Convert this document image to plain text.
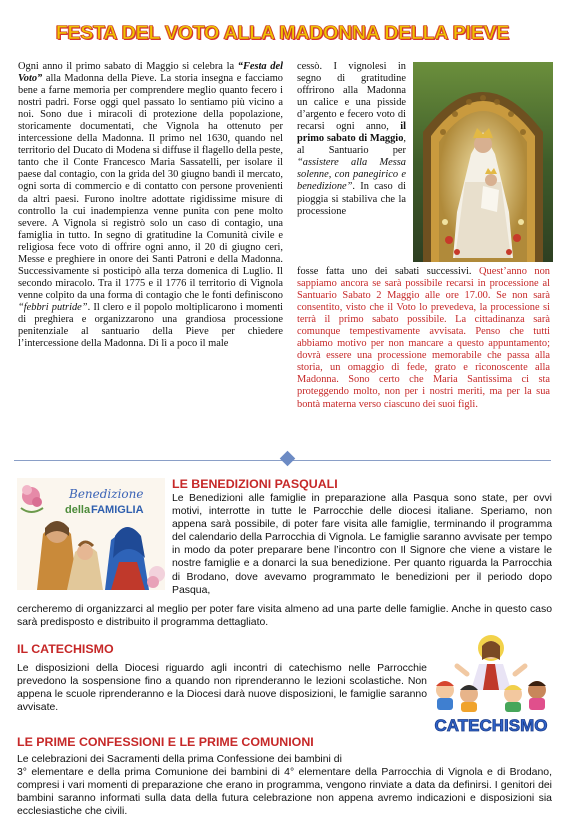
FESTA DEL VOTO ALLA MADONNA DELLA PIEVE

Ogni anno il primo sabato di Maggio si celebra la “Festa del Voto” alla Madonna della Pieve. La storia insegna e facciamo bene a farne memoria per comprendere meglio quanto fecero i nostri padri. Forse oggi quel passato lo sentiamo più vicino a noi. Sono due i miracoli di protezione della popolazione, storicamente documentati, che Vignola ha ottenuto per intercessione della Madonna. Il primo nel 1630, quando nel territorio del Ducato di Modena si diffuse il flagello della peste, tanto che il Conte Francesco Maria Sassatelli, per isolare il paese dal contagio, con la grida del 30 giugno bandì il mercato, ogni sorta di commercio e di contatto con persone provenienti da altri paesi. Furono inoltre adottate rigidissime misure di controllo la cui inadempienza venne punita con pene molto severe. A Vignola si registrò solo un caso di contagio, una famiglia in tutto. In segno di gratitudine la Comunità civile e religiosa fece voto di offrire ogni anno, il 20 di giugno ceri, Messe e preghiere in onore dei Santi Patroni e della Madonna. Successivamente si posticipò alla terza domenica di Luglio. Il secondo miracolo. Tra il 1775 e il 1776 il territorio di Vignola venne colpito da una forma di contagio che le fonti definiscono “febbri putride”. Il clero e il popolo moltiplicarono i momenti di preghiera e organizzarono una grandiosa processione penitenziale al santuario della Pieve per chiedere l’intercessione della Madonna. Di lì a poco il male

cessò. I vignolesi in segno di gratitudine offrirono alla Madonna un calice e una pisside d’argento e fecero voto di recarsi ogni anno, il primo sabato di Maggio, al Santuario per “assistere alla Messa solenne, con panegirico e benedizione”. In caso di pioggia si stabiliva che la processione

fosse fatta uno dei sabati successivi. Quest’anno non sappiamo ancora se sarà possibile recarsi in processione al Santuario Sabato 2 Maggio alle ore 17.00. Se non sarà consentito, visto che il Voto lo prevedeva, la processione si terrà il primo sabato possibile. La cittadinanza sarà comunque tempestivamente avvisata. Penso che tutti abbiamo motivo per non mancare a questo appuntamento; dovrà essere una processione memorabile che passa alla storia, un omaggio di fede, grato e riconoscente alla Madonna. Sono certo che Maria Santissima ci sta proteggendo molto, non per i nostri meriti, ma per la sua bontà materna verso ciascuno dei suoi figli.

Benedizione
della FAMIGLIA
LE BENEDIZIONI PASQUALI

Le Benedizioni alle famiglie in preparazione alla Pasqua sono state, per ovvi motivi, interrotte in tutte le Parrocchie delle diocesi italiane. Speriamo, non appena sarà possibile, di poter fare visita alle famiglie, terminando il programma del calendario della Parrocchia di Vignola. Le famiglie saranno avvisate per tempo in modo da poter preparare bene l’incontro con Il Signore che viene a vistare le nostre famiglie e a donarci la sua benedizione. Per quanto riguarda la Parrocchia di Brodano, dove avevamo programmato le benedizioni per il periodo dopo Pasqua,

cercheremo di organizzarci al meglio per poter fare visita almeno ad una parte delle famiglie. Anche in questo caso sarà predisposto e distribuito il programma dettagliato.

IL CATECHISMO

Le disposizioni della Diocesi riguardo agli incontri di catechismo nelle Parrocchie prevedono la sospensione fino a quando non riprenderanno le lezioni scolastiche. Non appena le scuole riprenderanno e la Diocesi darà nuove disposizioni, le famiglie saranno avvisate.

CATECHISMO
LE PRIME CONFESSIONI E LE PRIME COMUNIONI

Le celebrazioni dei Sacramenti della prima Confessione dei bambini di

3° elementare e della prima Comunione dei bambini di 4° elementare della Parrocchia di Vignola e di Brodano, compresi i vari momenti di preparazione che erano in programma, vengono rinviate a data da definirsi. I genitori dei bambini saranno informati sulla data della futura celebrazione non appena avremo indicazioni e disposizioni sia ecclesiastiche che civili.
